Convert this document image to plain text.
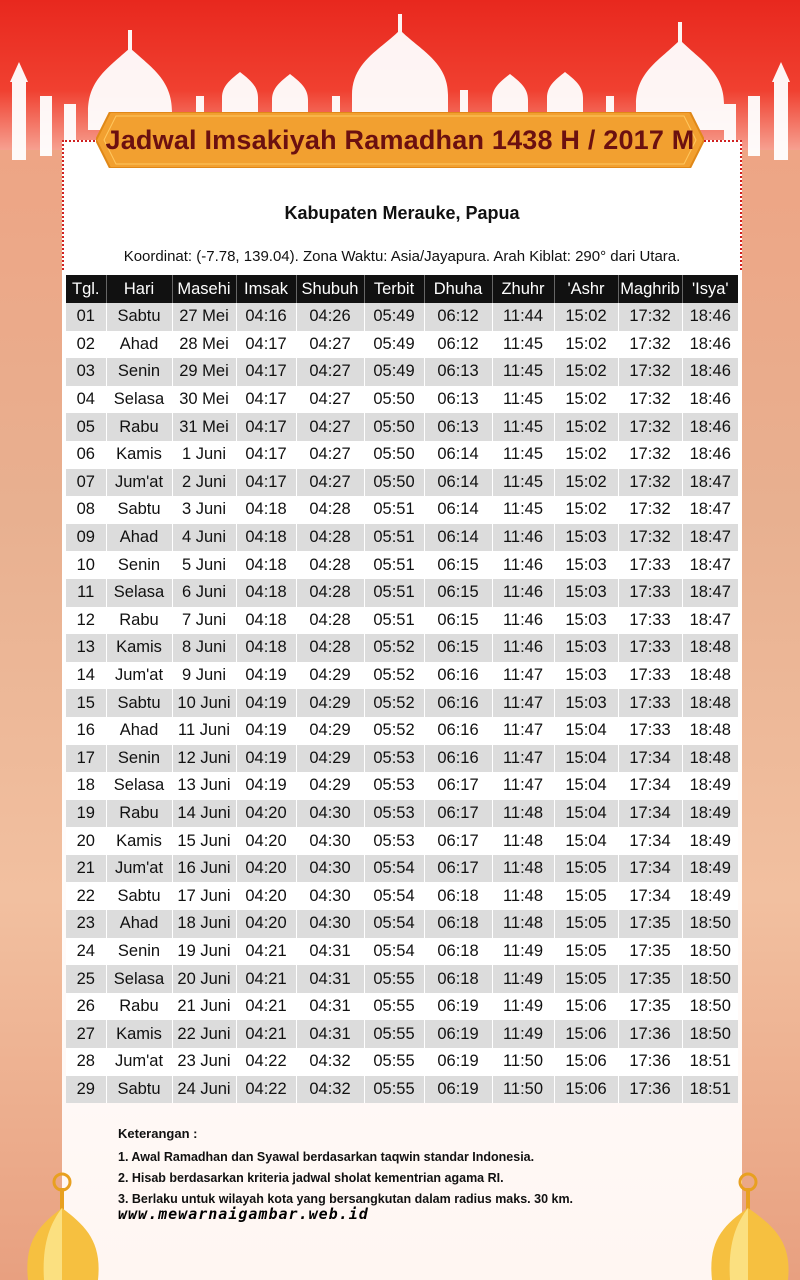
Jadwal Imsakiyah Ramadhan 1438 H / 2017 M
Kabupaten Merauke, Papua
Koordinat: (-7.78, 139.04). Zona Waktu: Asia/Jayapura. Arah Kiblat: 290° dari Utara.
Tgl.	Hari	Masehi	Imsak	Shubuh	Terbit	Dhuha	Zhuhr	'Ashr	Maghrib	'Isya'
01	Sabtu	27 Mei	04:16	04:26	05:49	06:12	11:44	15:02	17:32	18:46
02	Ahad	28 Mei	04:17	04:27	05:49	06:12	11:45	15:02	17:32	18:46
03	Senin	29 Mei	04:17	04:27	05:49	06:13	11:45	15:02	17:32	18:46
04	Selasa	30 Mei	04:17	04:27	05:50	06:13	11:45	15:02	17:32	18:46
05	Rabu	31 Mei	04:17	04:27	05:50	06:13	11:45	15:02	17:32	18:46
06	Kamis	1 Juni	04:17	04:27	05:50	06:14	11:45	15:02	17:32	18:46
07	Jum'at	2 Juni	04:17	04:27	05:50	06:14	11:45	15:02	17:32	18:47
08	Sabtu	3 Juni	04:18	04:28	05:51	06:14	11:45	15:02	17:32	18:47
09	Ahad	4 Juni	04:18	04:28	05:51	06:14	11:46	15:03	17:32	18:47
10	Senin	5 Juni	04:18	04:28	05:51	06:15	11:46	15:03	17:33	18:47
11	Selasa	6 Juni	04:18	04:28	05:51	06:15	11:46	15:03	17:33	18:47
12	Rabu	7 Juni	04:18	04:28	05:51	06:15	11:46	15:03	17:33	18:47
13	Kamis	8 Juni	04:18	04:28	05:52	06:15	11:46	15:03	17:33	18:48
14	Jum'at	9 Juni	04:19	04:29	05:52	06:16	11:47	15:03	17:33	18:48
15	Sabtu	10 Juni	04:19	04:29	05:52	06:16	11:47	15:03	17:33	18:48
16	Ahad	11 Juni	04:19	04:29	05:52	06:16	11:47	15:04	17:33	18:48
17	Senin	12 Juni	04:19	04:29	05:53	06:16	11:47	15:04	17:34	18:48
18	Selasa	13 Juni	04:19	04:29	05:53	06:17	11:47	15:04	17:34	18:49
19	Rabu	14 Juni	04:20	04:30	05:53	06:17	11:48	15:04	17:34	18:49
20	Kamis	15 Juni	04:20	04:30	05:53	06:17	11:48	15:04	17:34	18:49
21	Jum'at	16 Juni	04:20	04:30	05:54	06:17	11:48	15:05	17:34	18:49
22	Sabtu	17 Juni	04:20	04:30	05:54	06:18	11:48	15:05	17:34	18:49
23	Ahad	18 Juni	04:20	04:30	05:54	06:18	11:48	15:05	17:35	18:50
24	Senin	19 Juni	04:21	04:31	05:54	06:18	11:49	15:05	17:35	18:50
25	Selasa	20 Juni	04:21	04:31	05:55	06:18	11:49	15:05	17:35	18:50
26	Rabu	21 Juni	04:21	04:31	05:55	06:19	11:49	15:06	17:35	18:50
27	Kamis	22 Juni	04:21	04:31	05:55	06:19	11:49	15:06	17:36	18:50
28	Jum'at	23 Juni	04:22	04:32	05:55	06:19	11:50	15:06	17:36	18:51
29	Sabtu	24 Juni	04:22	04:32	05:55	06:19	11:50	15:06	17:36	18:51
Keterangan :
1. Awal Ramadhan dan Syawal berdasarkan taqwin standar Indonesia.
2. Hisab berdasarkan kriteria jadwal sholat kementrian agama RI.
3. Berlaku untuk wilayah kota yang bersangkutan dalam radius maks. 30 km.
www.mewarnaigambar.web.id
